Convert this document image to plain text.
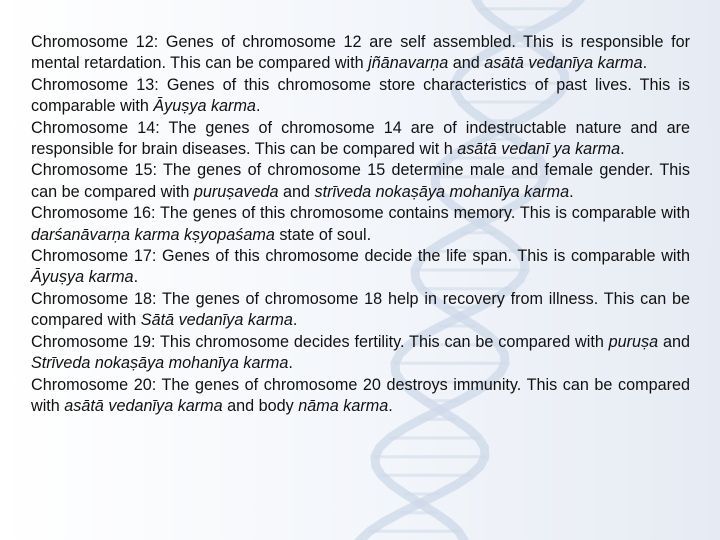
Chromosome 12: Genes of chromosome 12 are self assembled. This is responsible for mental retardation. This can be compared with jñānavarṇa and asātā vedanīya karma.

Chromosome 13: Genes of this chromosome store characteristics of past lives. This is comparable with Āyuṣya karma.

Chromosome 14: The genes of chromosome 14 are of indestructable nature and are responsible for brain diseases. This can be compared wit h asātā vedanī ya karma.

Chromosome 15: The genes of chromosome 15 determine male and female gender. This can be compared with puruṣaveda and strīveda nokaṣāya mohanīya karma.

Chromosome 16: The genes of this chromosome contains memory. This is comparable with darśanāvarṇa karma kṣyopaśama state of soul.

Chromosome 17: Genes of this chromosome decide the life span. This is comparable with Āyuṣya karma.

Chromosome 18: The genes of chromosome 18 help in recovery from illness. This can be compared with Sātā vedanīya karma.

Chromosome 19: This chromosome decides fertility. This can be compared with puruṣa and Strīveda nokaṣāya mohanīya karma.

Chromosome 20: The genes of chromosome 20 destroys immunity. This can be compared with asātā vedanīya karma and body nāma karma.
